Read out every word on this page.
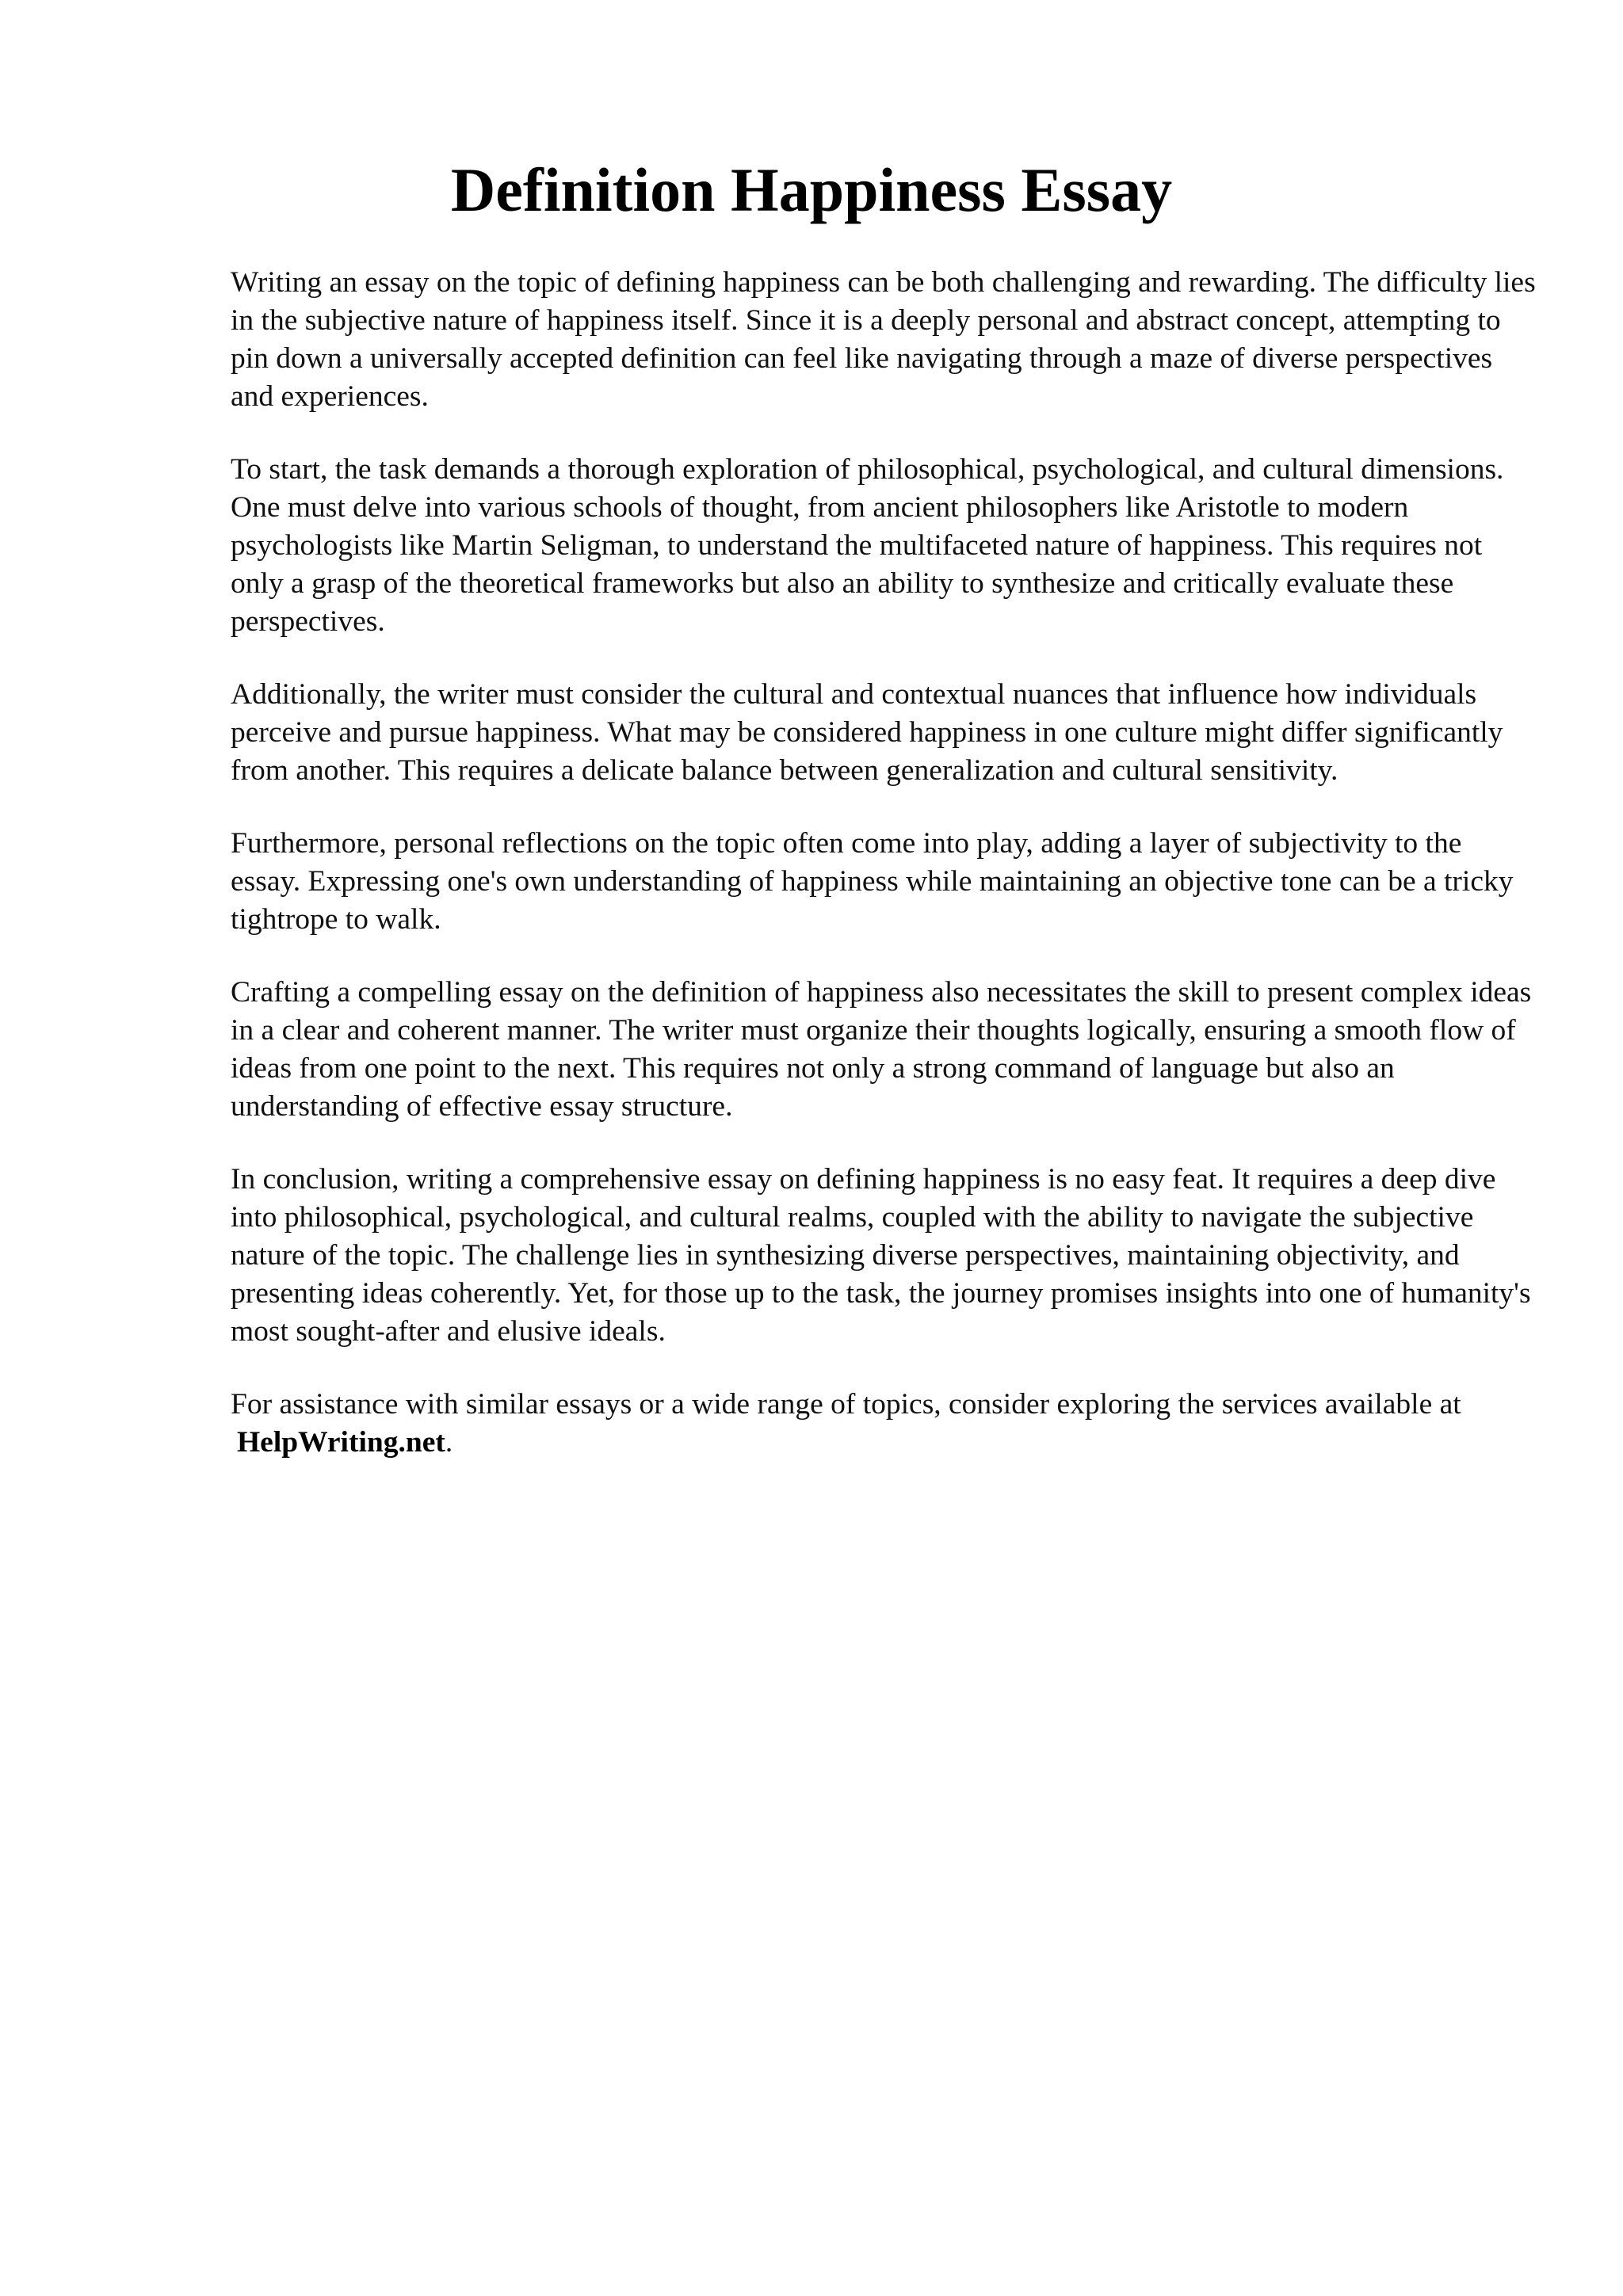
Definition Happiness Essay

Writing an essay on the topic of defining happiness can be both challenging and rewarding. The difficulty lies in the subjective nature of happiness itself. Since it is a deeply personal and abstract concept, attempting to pin down a universally accepted definition can feel like navigating through a maze of diverse perspectives and experiences.

To start, the task demands a thorough exploration of philosophical, psychological, and cultural dimensions. One must delve into various schools of thought, from ancient philosophers like Aristotle to modern psychologists like Martin Seligman, to understand the multifaceted nature of happiness. This requires not only a grasp of the theoretical frameworks but also an ability to synthesize and critically evaluate these perspectives.

Additionally, the writer must consider the cultural and contextual nuances that influence how individuals perceive and pursue happiness. What may be considered happiness in one culture might differ significantly from another. This requires a delicate balance between generalization and cultural sensitivity.

Furthermore, personal reflections on the topic often come into play, adding a layer of subjectivity to the essay. Expressing one's own understanding of happiness while maintaining an objective tone can be a tricky tightrope to walk.

Crafting a compelling essay on the definition of happiness also necessitates the skill to present complex ideas in a clear and coherent manner. The writer must organize their thoughts logically, ensuring a smooth flow of ideas from one point to the next. This requires not only a strong command of language but also an understanding of effective essay structure.

In conclusion, writing a comprehensive essay on defining happiness is no easy feat. It requires a deep dive into philosophical, psychological, and cultural realms, coupled with the ability to navigate the subjective nature of the topic. The challenge lies in synthesizing diverse perspectives, maintaining objectivity, and presenting ideas coherently. Yet, for those up to the task, the journey promises insights into one of humanity's most sought-after and elusive ideals.

For assistance with similar essays or a wide range of topics, consider exploring the services available at HelpWriting.net.
